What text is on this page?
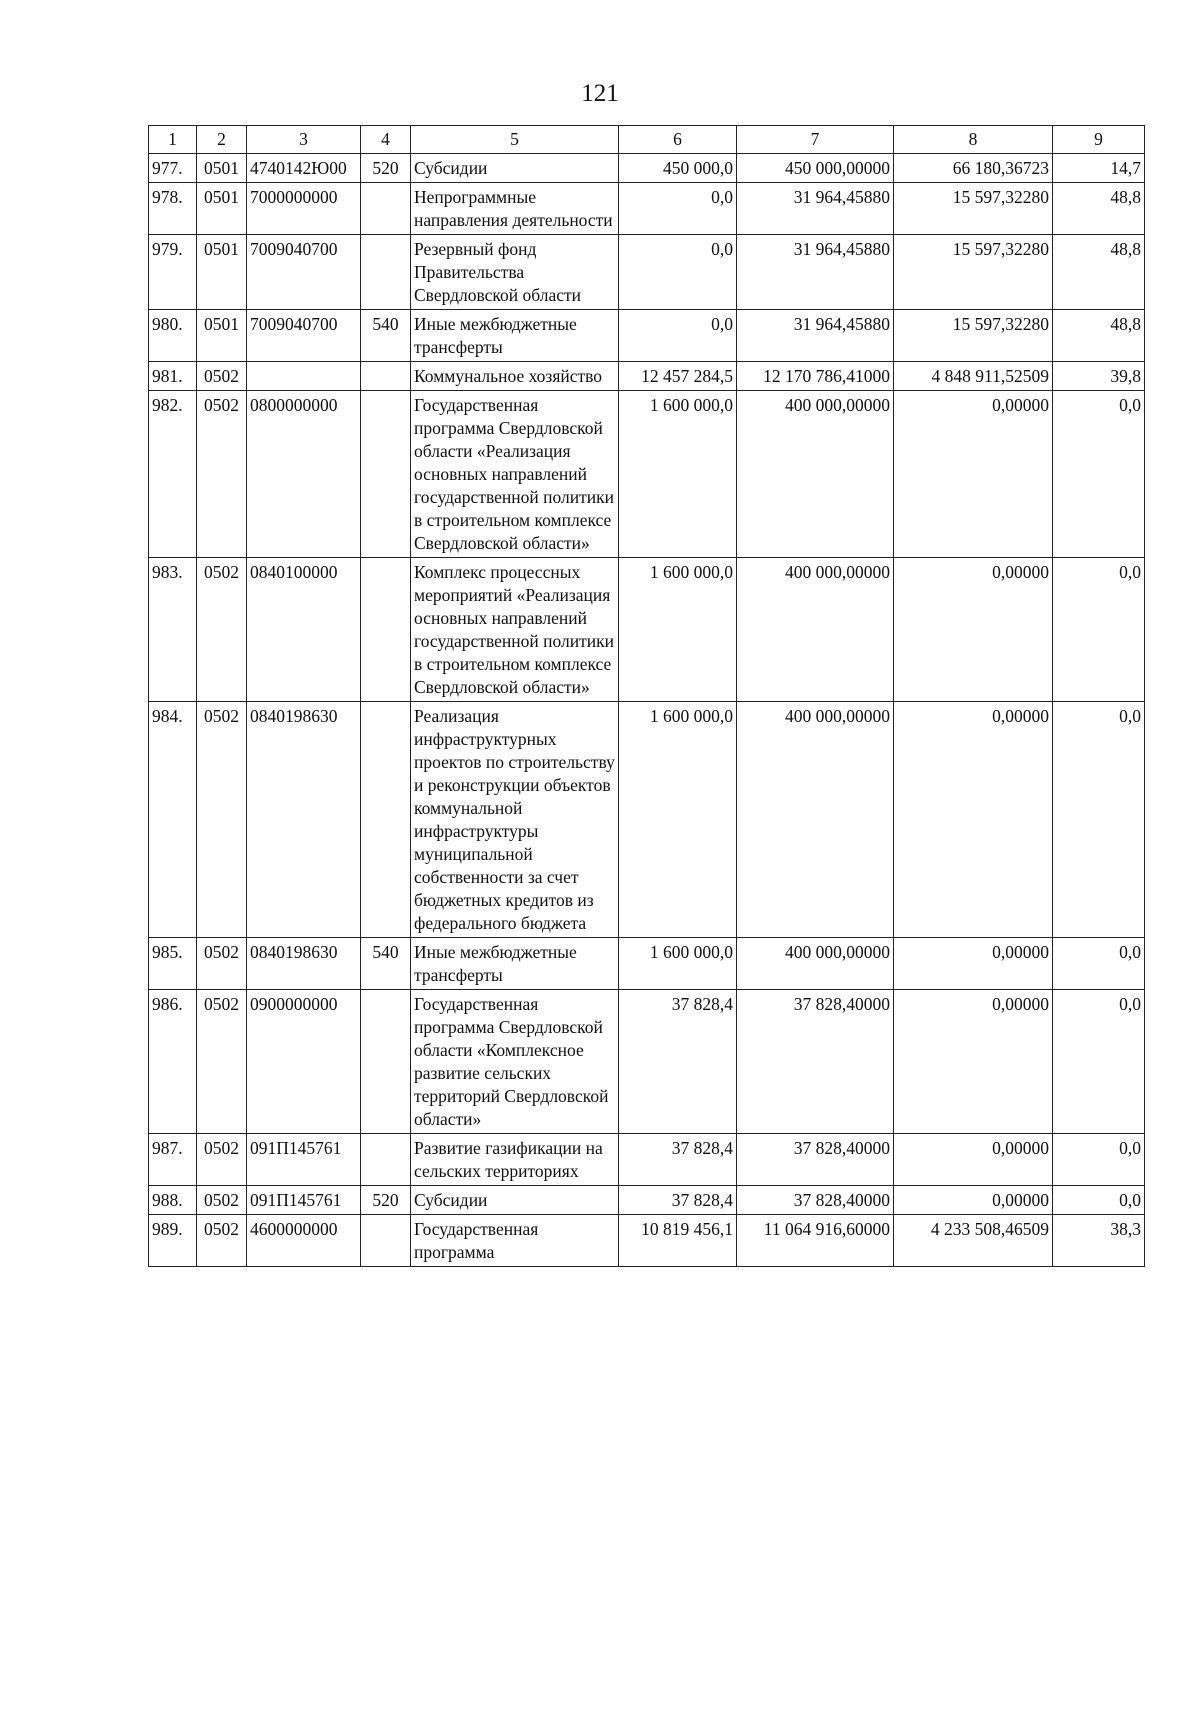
121
1	2	3	4	5	6	7	8	9
977.	0501	4740142Ю00	520	Субсидии	450 000,0	450 000,00000	66 180,36723	14,7
978.	0501	7000000000		Непрограммные направления деятельности	0,0	31 964,45880	15 597,32280	48,8
979.	0501	7009040700		Резервный фонд Правительства Свердловской области	0,0	31 964,45880	15 597,32280	48,8
980.	0501	7009040700	540	Иные межбюджетные трансферты	0,0	31 964,45880	15 597,32280	48,8
981.	0502			Коммунальное хозяйство	12 457 284,5	12 170 786,41000	4 848 911,52509	39,8
982.	0502	0800000000		Государственная программа Свердловской области «Реализация основных направлений государственной политики в строительном комплексе Свердловской области»	1 600 000,0	400 000,00000	0,00000	0,0
983.	0502	0840100000		Комплекс процессных мероприятий «Реализация основных направлений государственной политики в строительном комплексе Свердловской области»	1 600 000,0	400 000,00000	0,00000	0,0
984.	0502	0840198630		Реализация инфраструктурных проектов по строительству и реконструкции объектов коммунальной инфраструктуры муниципальной собственности за счет бюджетных кредитов из федерального бюджета	1 600 000,0	400 000,00000	0,00000	0,0
985.	0502	0840198630	540	Иные межбюджетные трансферты	1 600 000,0	400 000,00000	0,00000	0,0
986.	0502	0900000000		Государственная программа Свердловской области «Комплексное развитие сельских территорий Свердловской области»	37 828,4	37 828,40000	0,00000	0,0
987.	0502	091П145761		Развитие газификации на сельских территориях	37 828,4	37 828,40000	0,00000	0,0
988.	0502	091П145761	520	Субсидии	37 828,4	37 828,40000	0,00000	0,0
989.	0502	4600000000		Государственная программа	10 819 456,1	11 064 916,60000	4 233 508,46509	38,3
